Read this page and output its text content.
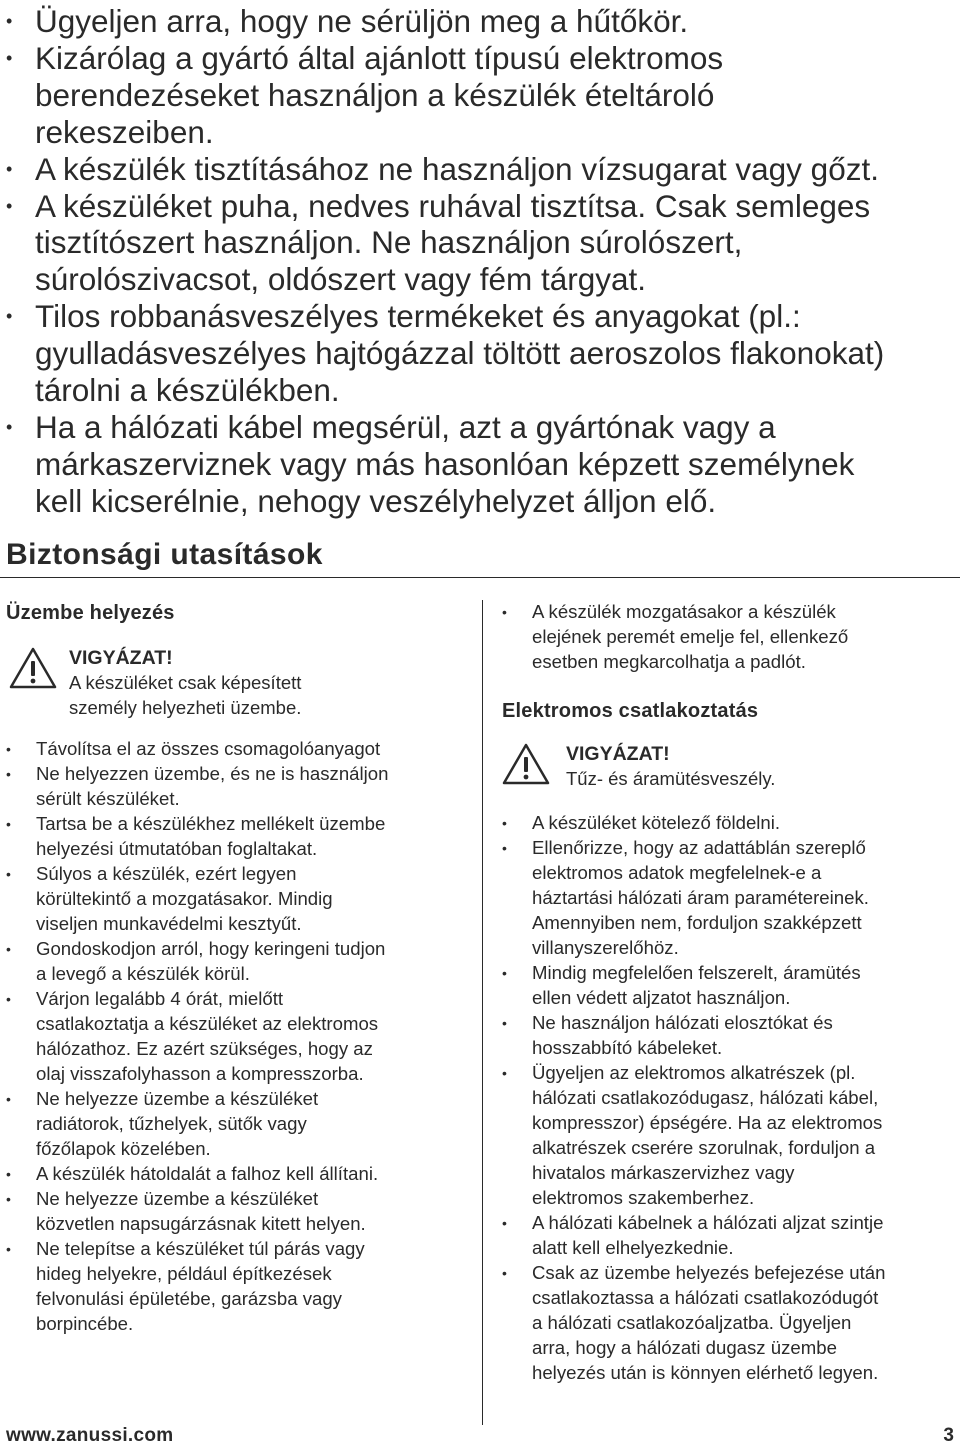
• Ügyeljen arra, hogy ne sérüljön meg a hűtőkör.
• Kizárólag a gyártó által ajánlott típusú elektromos
berendezéseket használjon a készülék ételtároló
rekeszeiben.
• A készülék tisztításához ne használjon vízsugarat vagy gőzt.
• A készüléket puha, nedves ruhával tisztítsa. Csak semleges
tisztítószert használjon. Ne használjon súrolószert,
súrolószivacsot, oldószert vagy fém tárgyat.
• Tilos robbanásveszélyes termékeket és anyagokat (pl.:
gyulladásveszélyes hajtógázzal töltött aeroszolos flakonokat)
tárolni a készülékben.
• Ha a hálózati kábel megsérül, azt a gyártónak vagy a
márkaszerviznek vagy más hasonlóan képzett személynek
kell kicserélnie, nehogy veszélyhelyzet álljon elő.
Biztonsági utasítások
Üzembe helyezés
VIGYÁZAT!
A készüléket csak képesített
személy helyezheti üzembe.
• Távolítsa el az összes csomagolóanyagot
• Ne helyezzen üzembe, és ne is használjon
sérült készüléket.
• Tartsa be a készülékhez mellékelt üzembe
helyezési útmutatóban foglaltakat.
• Súlyos a készülék, ezért legyen
körültekintő a mozgatásakor. Mindig
viseljen munkavédelmi kesztyűt.
• Gondoskodjon arról, hogy keringeni tudjon
a levegő a készülék körül.
• Várjon legalább 4 órát, mielőtt
csatlakoztatja a készüléket az elektromos
hálózathoz. Ez azért szükséges, hogy az
olaj visszafolyhasson a kompresszorba.
• Ne helyezze üzembe a készüléket
radiátorok, tűzhelyek, sütők vagy
főzőlapok közelében.
• A készülék hátoldalát a falhoz kell állítani.
• Ne helyezze üzembe a készüléket
közvetlen napsugárzásnak kitett helyen.
• Ne telepítse a készüléket túl párás vagy
hideg helyekre, például építkezések
felvonulási épületébe, garázsba vagy
borpincébe.
• A készülék mozgatásakor a készülék
elejének peremét emelje fel, ellenkező
esetben megkarcolhatja a padlót.
Elektromos csatlakoztatás
VIGYÁZAT!
Tűz- és áramütésveszély.
• A készüléket kötelező földelni.
• Ellenőrizze, hogy az adattáblán szereplő
elektromos adatok megfelelnek-e a
háztartási hálózati áram paramétereinek.
Amennyiben nem, forduljon szakképzett
villanyszerelőhöz.
• Mindig megfelelően felszerelt, áramütés
ellen védett aljzatot használjon.
• Ne használjon hálózati elosztókat és
hosszabbító kábeleket.
• Ügyeljen az elektromos alkatrészek (pl.
hálózati csatlakozódugasz, hálózati kábel,
kompresszor) épségére. Ha az elektromos
alkatrészek cserére szorulnak, forduljon a
hivatalos márkaszervizhez vagy
elektromos szakemberhez.
• A hálózati kábelnek a hálózati aljzat szintje
alatt kell elhelyezkednie.
• Csak az üzembe helyezés befejezése után
csatlakoztassa a hálózati csatlakozódugót
a hálózati csatlakozóaljzatba. Ügyeljen
arra, hogy a hálózati dugasz üzembe
helyezés után is könnyen elérhető legyen.
www.zanussi.com	3
